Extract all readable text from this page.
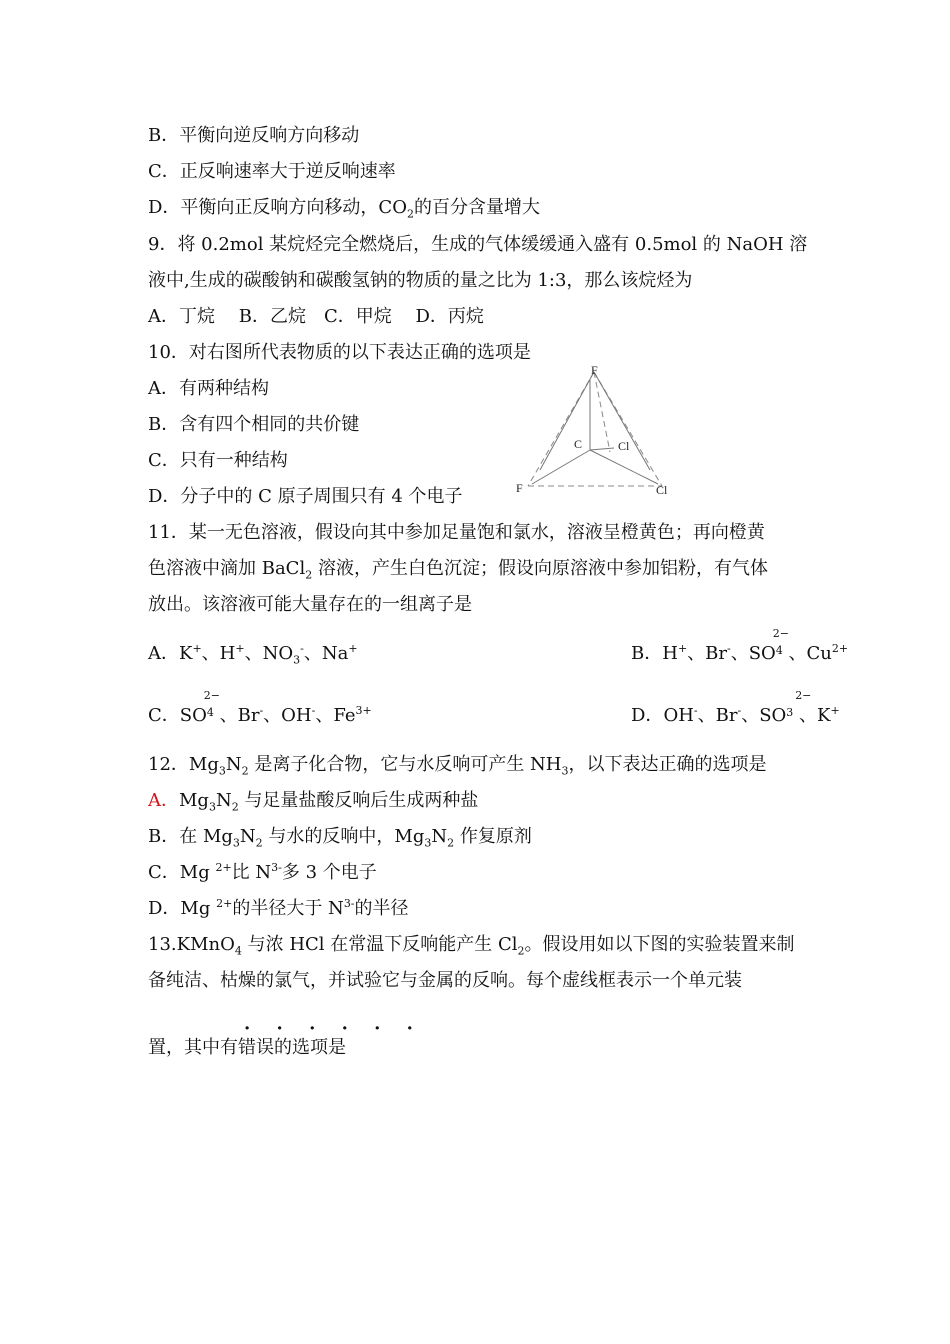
B．平衡向逆反响方向移动
C．正反响速率大于逆反响速率
D．平衡向正反响方向移动，$CO_2$的百分含量增大
9．将 0.2mol 某烷烃完全燃烧后，生成的气体缓缓通入盛有 0.5mol 的 NaOH 溶
液中,生成的碳酸钠和碳酸氢钠的物质的量之比为 1:3，那么该烷烃为
A．丁烷　 B．乙烷　C．甲烷　 D．丙烷
10．对右图所代表物质的以下表达正确的选项是
A．有两种结构
B．含有四个相同的共价键
C．只有一种结构
D．分子中的 C 原子周围只有 4 个电子
F
C	Cl
F	Cl
11．某一无色溶液，假设向其中参加足量饱和氯水，溶液呈橙黄色；再向橙黄
色溶液中滴加 BaCl$_2$ 溶液，产生白色沉淀；假设向原溶液中参加铝粉，有气体
放出。该溶液可能大量存在的一组离子是
A．K+、H+、$NO_3^-$、Na+	B．H+、Br-、$SO^4$
2−
、$Cu^{2+}$
C．$SO^4$
2−
、Br-、OH-、$Fe^{3+}$	D．OH-、Br-、$SO^3$
2−
、K+
12．$Mg_3N_2$ 是离子化合物，它与水反响可产生 $NH_3$，以下表达正确的选项是
A．$Mg_3N_2$ 与足量盐酸反响后生成两种盐
B．在 $Mg_3N_2$ 与水的反响中，$Mg_3N_2$ 作复原剂
C．Mg $^{2+}$比 $N^{3-}$多 3 个电子
D．Mg $^{2+}$的半径大于 $N^{3-}$的半径
13.KMnO$_4$ 与浓 HCl 在常温下反响能产生 $Cl_2$。假设用如以下图的实验装置来制
备纯洁、枯燥的氯气，并试验它与金属的反响。每个虚线框表示一个单元装
· · · · · ·
置，其中有错误的选项是
